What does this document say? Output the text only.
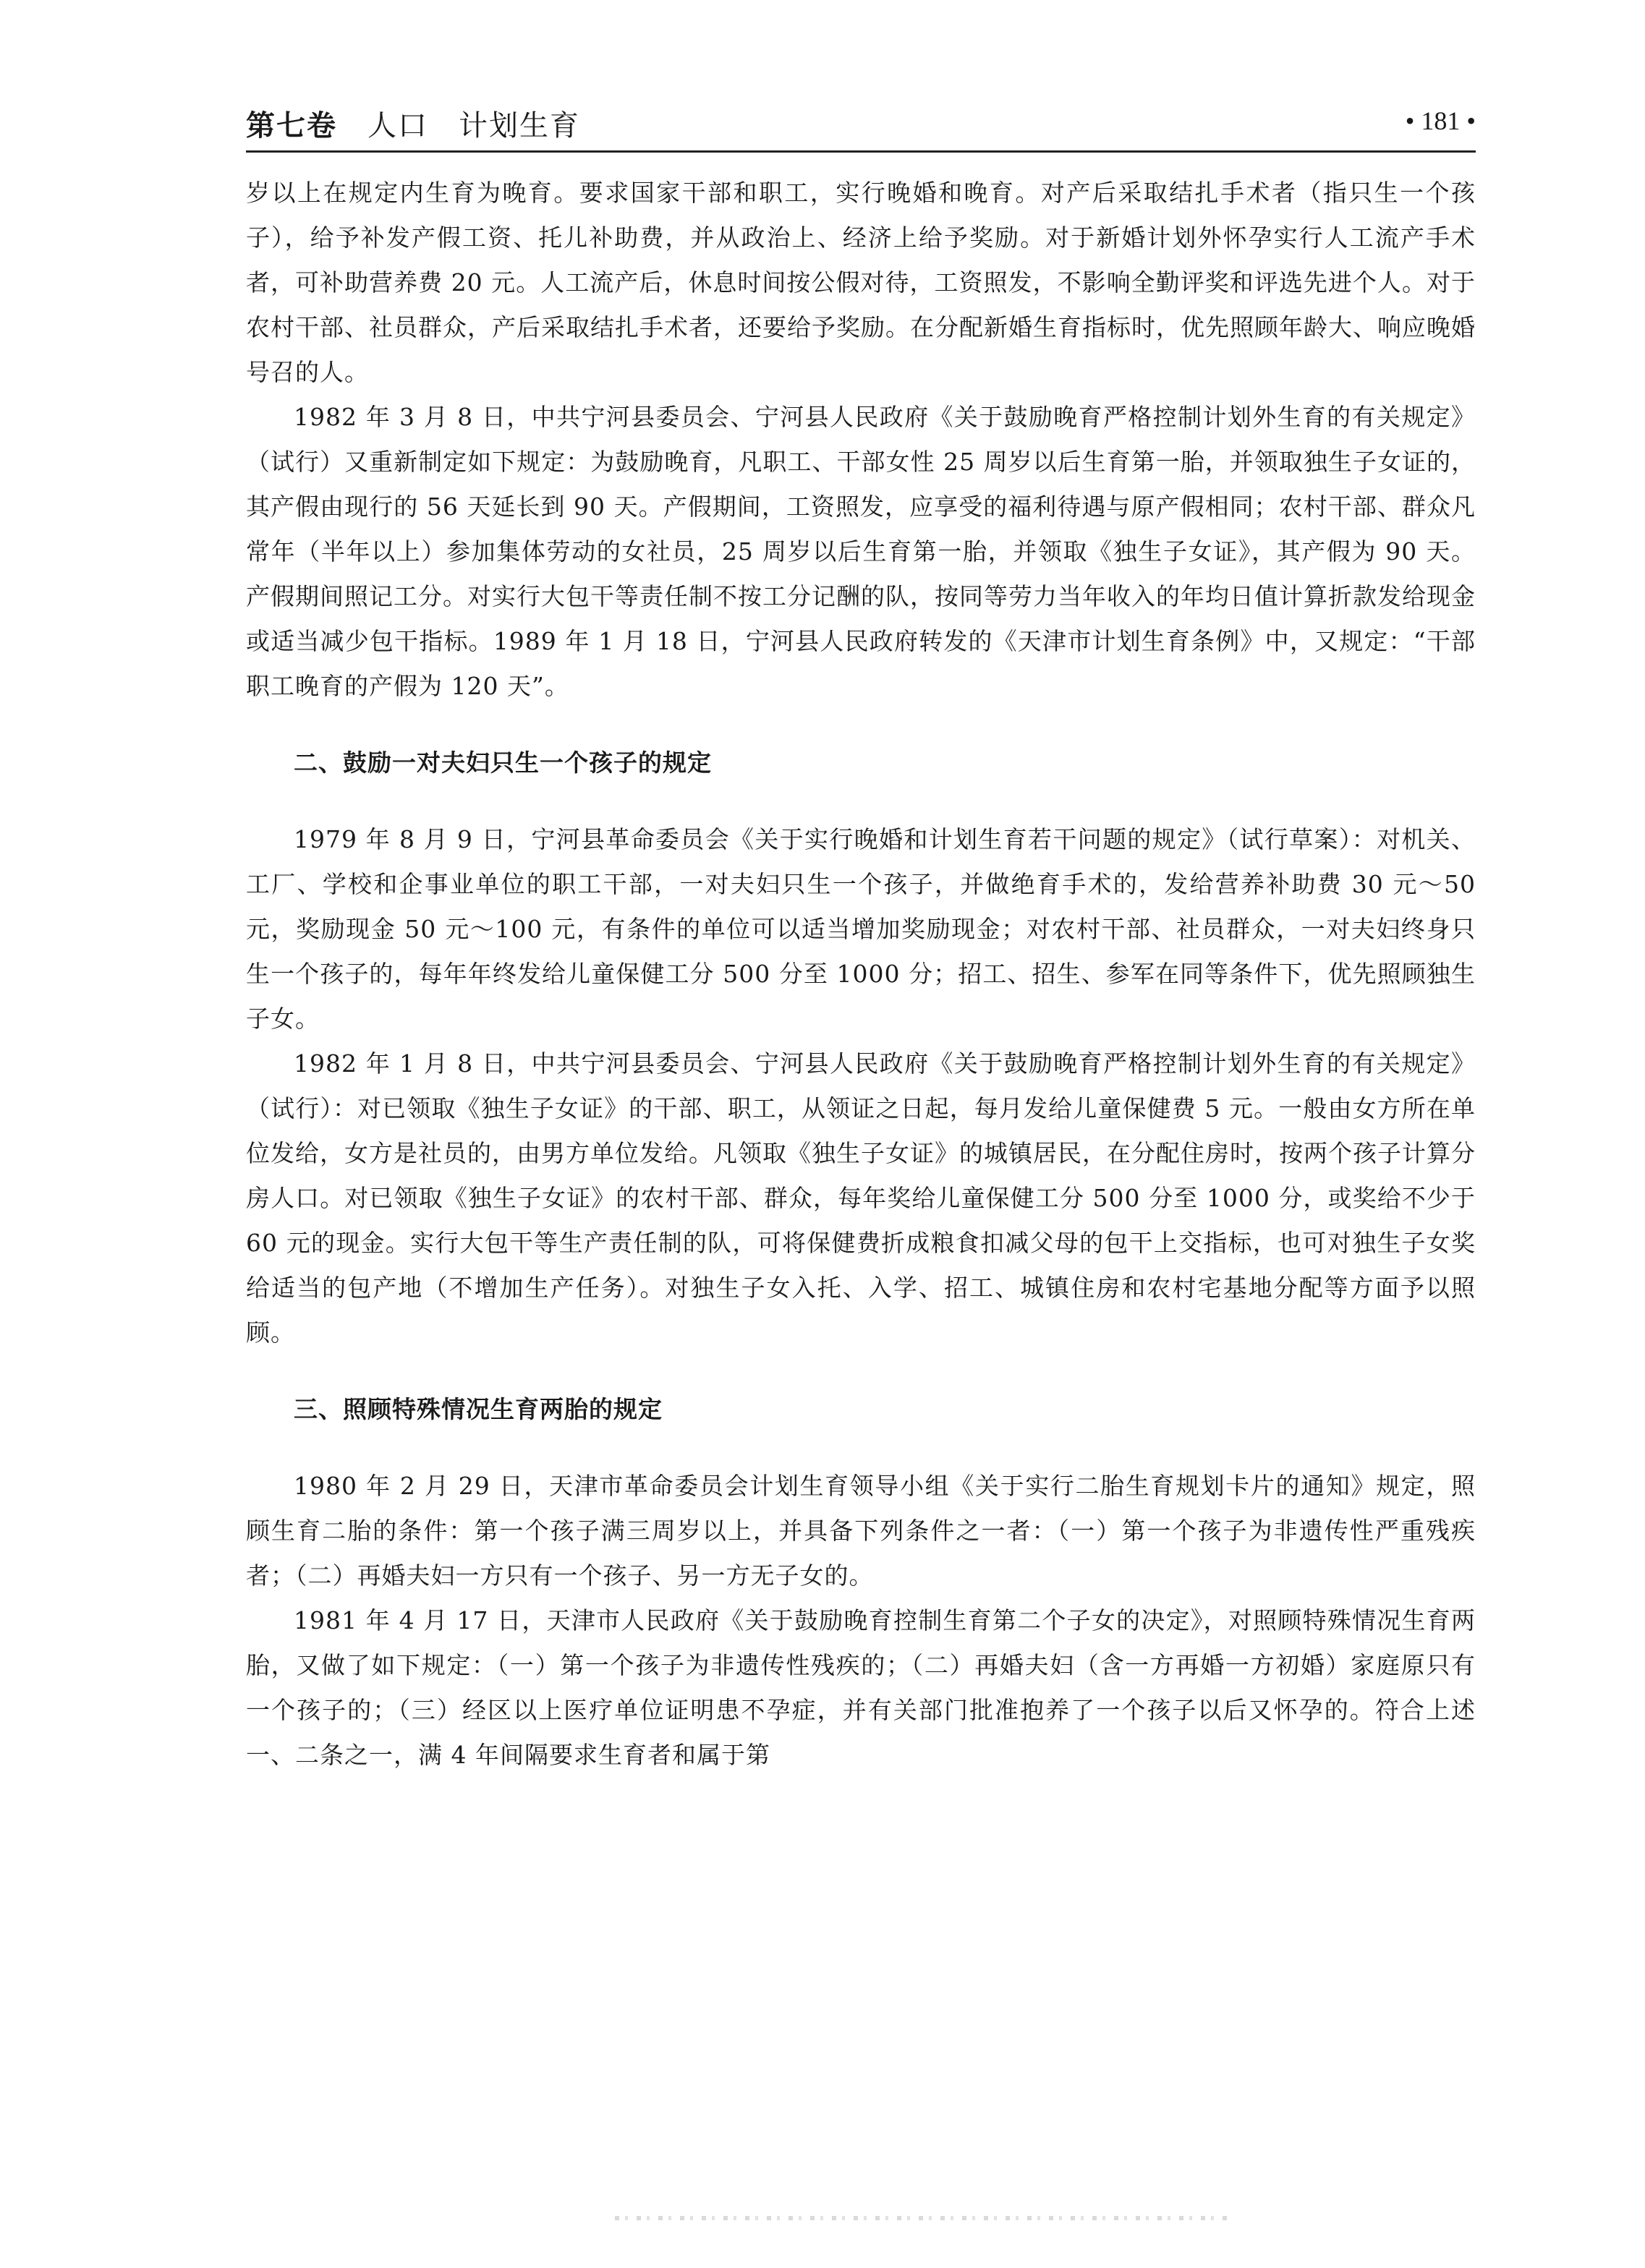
第七卷 人口　计划生育	• 181 •

岁以上在规定内生育为晚育。要求国家干部和职工，实行晚婚和晚育。对产后采取结扎手术者（指只生一个孩子），给予补发产假工资、托儿补助费，并从政治上、经济上给予奖励。对于新婚计划外怀孕实行人工流产手术者，可补助营养费 20 元。人工流产后，休息时间按公假对待，工资照发，不影响全勤评奖和评选先进个人。对于农村干部、社员群众，产后采取结扎手术者，还要给予奖励。在分配新婚生育指标时，优先照顾年龄大、响应晚婚号召的人。

1982 年 3 月 8 日，中共宁河县委员会、宁河县人民政府《关于鼓励晚育严格控制计划外生育的有关规定》（试行）又重新制定如下规定：为鼓励晚育，凡职工、干部女性 25 周岁以后生育第一胎，并领取独生子女证的，其产假由现行的 56 天延长到 90 天。产假期间，工资照发，应享受的福利待遇与原产假相同；农村干部、群众凡常年（半年以上）参加集体劳动的女社员，25 周岁以后生育第一胎，并领取《独生子女证》，其产假为 90 天。产假期间照记工分。对实行大包干等责任制不按工分记酬的队，按同等劳力当年收入的年均日值计算折款发给现金或适当减少包干指标。1989 年 1 月 18 日，宁河县人民政府转发的《天津市计划生育条例》中，又规定：“干部职工晚育的产假为 120 天”。

二、鼓励一对夫妇只生一个孩子的规定

1979 年 8 月 9 日，宁河县革命委员会《关于实行晚婚和计划生育若干问题的规定》（试行草案）：对机关、工厂、学校和企事业单位的职工干部，一对夫妇只生一个孩子，并做绝育手术的，发给营养补助费 30 元～50 元，奖励现金 50 元～100 元，有条件的单位可以适当增加奖励现金；对农村干部、社员群众，一对夫妇终身只生一个孩子的，每年年终发给儿童保健工分 500 分至 1000 分；招工、招生、参军在同等条件下，优先照顾独生子女。

1982 年 1 月 8 日，中共宁河县委员会、宁河县人民政府《关于鼓励晚育严格控制计划外生育的有关规定》（试行）：对已领取《独生子女证》的干部、职工，从领证之日起，每月发给儿童保健费 5 元。一般由女方所在单位发给，女方是社员的，由男方单位发给。凡领取《独生子女证》的城镇居民，在分配住房时，按两个孩子计算分房人口。对已领取《独生子女证》的农村干部、群众，每年奖给儿童保健工分 500 分至 1000 分，或奖给不少于 60 元的现金。实行大包干等生产责任制的队，可将保健费折成粮食扣减父母的包干上交指标，也可对独生子女奖给适当的包产地（不增加生产任务）。对独生子女入托、入学、招工、城镇住房和农村宅基地分配等方面予以照顾。

三、照顾特殊情况生育两胎的规定

1980 年 2 月 29 日，天津市革命委员会计划生育领导小组《关于实行二胎生育规划卡片的通知》规定，照顾生育二胎的条件：第一个孩子满三周岁以上，并具备下列条件之一者：（一）第一个孩子为非遗传性严重残疾者；（二）再婚夫妇一方只有一个孩子、另一方无子女的。

1981 年 4 月 17 日，天津市人民政府《关于鼓励晚育控制生育第二个子女的决定》，对照顾特殊情况生育两胎，又做了如下规定：（一）第一个孩子为非遗传性残疾的；（二）再婚夫妇（含一方再婚一方初婚）家庭原只有一个孩子的；（三）经区以上医疗单位证明患不孕症，并有关部门批准抱养了一个孩子以后又怀孕的。符合上述一、二条之一，满 4 年间隔要求生育者和属于第
